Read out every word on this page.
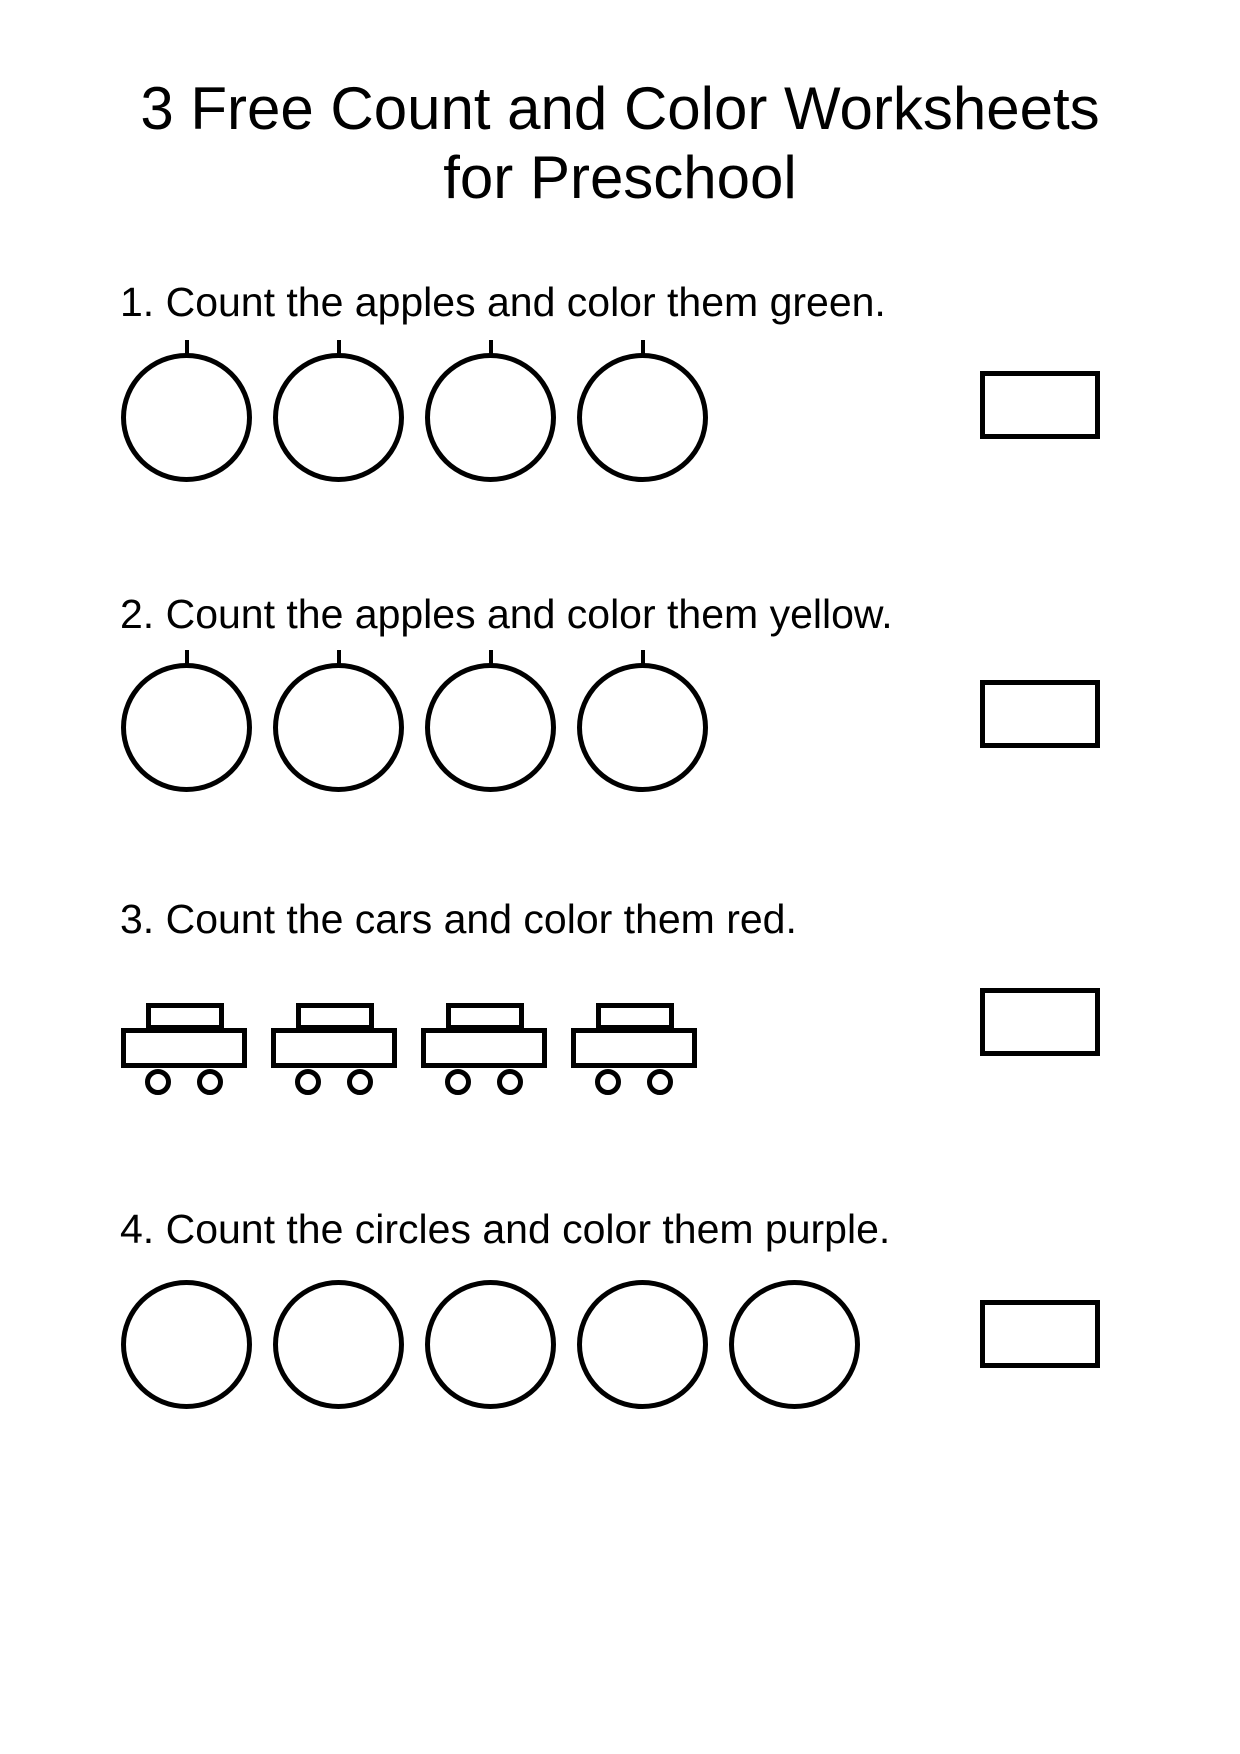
3 Free Count and Color Worksheets
for Preschool
1. Count the apples and color them green.
2. Count the apples and color them yellow.
3. Count the cars and color them red.
4. Count the circles and color them purple.
